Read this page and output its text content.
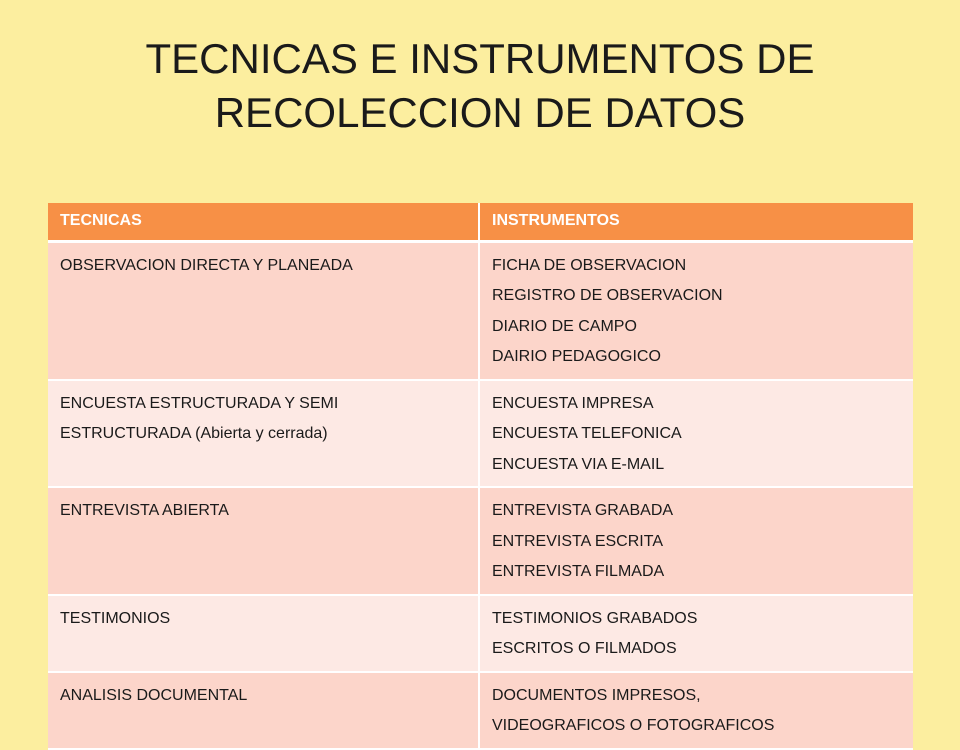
TECNICAS E INSTRUMENTOS DE
RECOLECCION DE DATOS
TECNICAS	INSTRUMENTOS

OBSERVACION DIRECTA Y PLANEADA	FICHA DE OBSERVACION
REGISTRO DE OBSERVACION
DIARIO DE CAMPO
DAIRIO PEDAGOGICO

ENCUESTA ESTRUCTURADA Y SEMI
ESTRUCTURADA (Abierta y cerrada)	ENCUESTA IMPRESA
ENCUESTA TELEFONICA
ENCUESTA VIA E-MAIL

ENTREVISTA ABIERTA	ENTREVISTA GRABADA
ENTREVISTA ESCRITA
ENTREVISTA FILMADA

TESTIMONIOS	TESTIMONIOS GRABADOS
ESCRITOS O FILMADOS

ANALISIS DOCUMENTAL	DOCUMENTOS IMPRESOS,
VIDEOGRAFICOS O FOTOGRAFICOS
